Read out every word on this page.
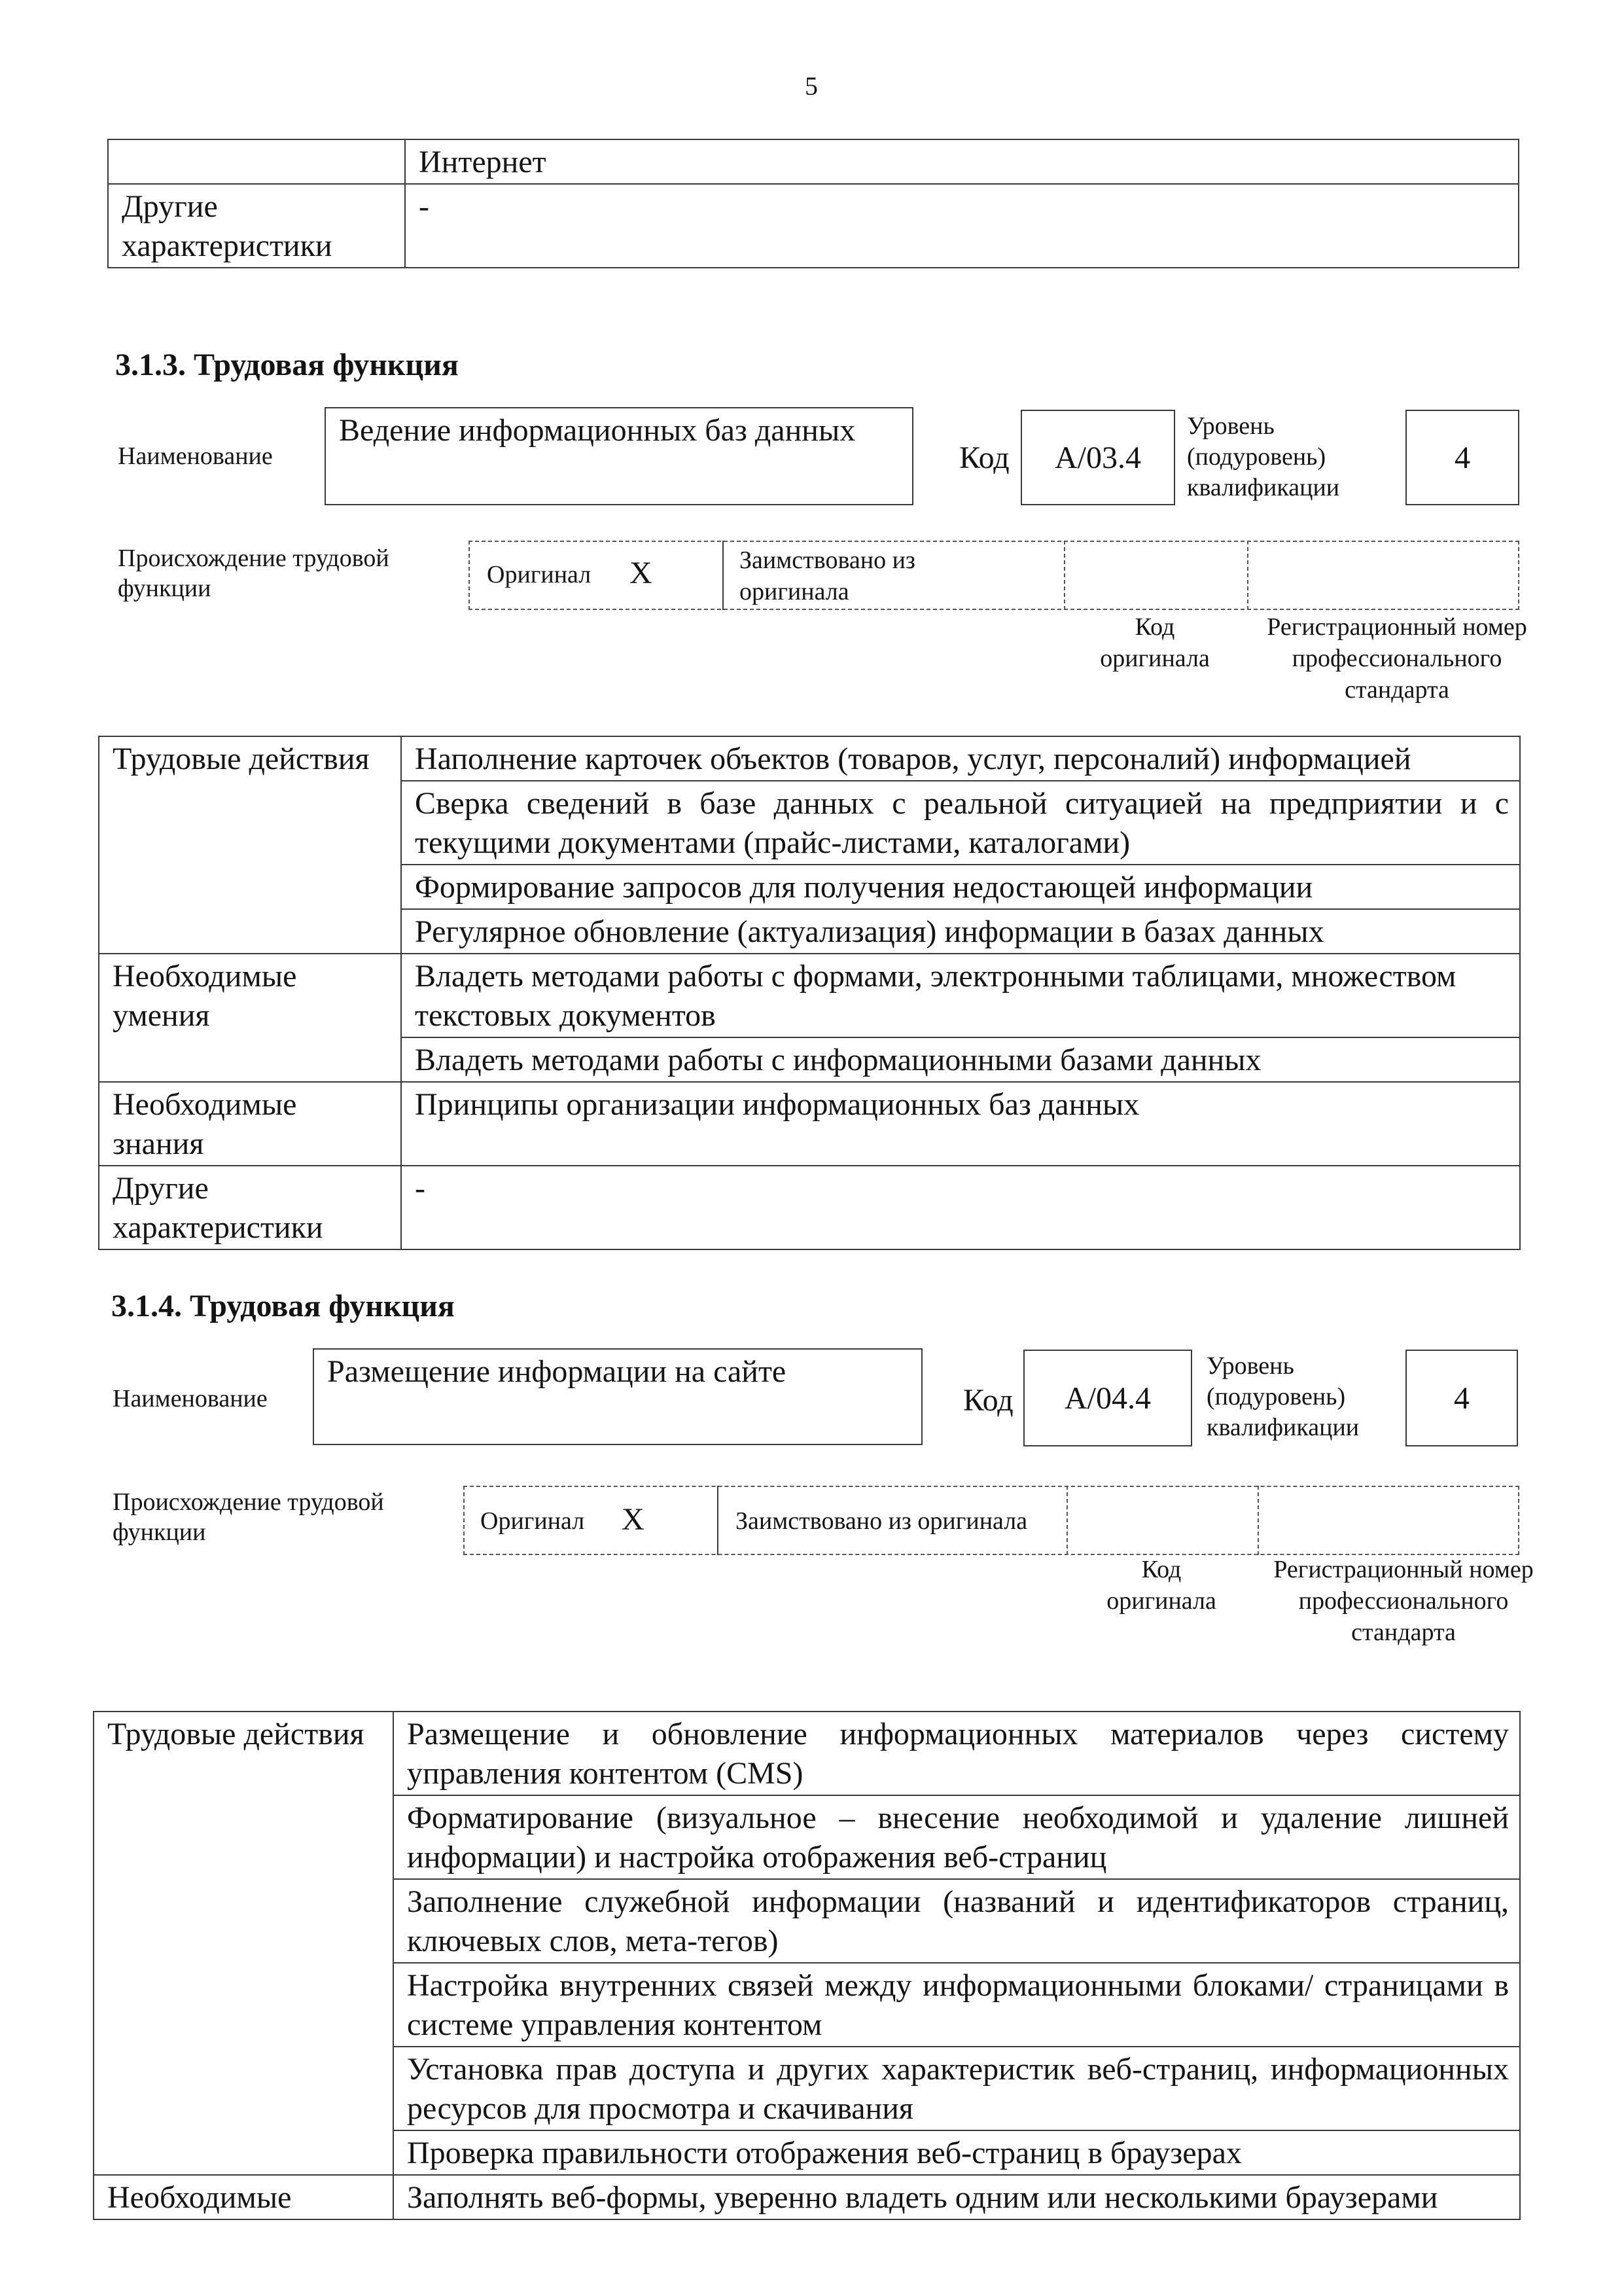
5
	Интернет
Другие характеристики	-
3.1.3. Трудовая функция
Наименование
Ведение информационных баз данных
Код	A/03.4
Уровень
(подуровень)
квалификации
4
Происхождение трудовой функции	Оригинал X	Заимствовано из оригинала
Код оригинала
Регистрационный номер профессионального стандарта
Трудовые действия	Наполнение карточек объектов (товаров, услуг, персоналий) информацией
	Сверка сведений в базе данных с реальной ситуацией на предприятии и с текущими документами (прайс-листами, каталогами)
	Формирование запросов для получения недостающей информации
	Регулярное обновление (актуализация) информации в базах данных
Необходимые умения	Владеть методами работы с формами, электронными таблицами, множеством текстовых документов
	Владеть методами работы с информационными базами данных
Необходимые знания	Принципы организации информационных баз данных
Другие характеристики	-
3.1.4. Трудовая функция
Наименование
Размещение информации на сайте
Код	A/04.4
Уровень
(подуровень)
квалификации
4
Происхождение трудовой функции	Оригинал X	Заимствовано из оригинала
Код оригинала
Регистрационный номер профессионального стандарта
Трудовые действия	Размещение и обновление информационных материалов через систему управления контентом (CMS)
	Форматирование (визуальное – внесение необходимой и удаление лишней информации) и настройка отображения веб-страниц
	Заполнение служебной информации (названий и идентификаторов страниц, ключевых слов, мета-тегов)
	Настройка внутренних связей между информационными блоками/ страницами в системе управления контентом
	Установка прав доступа и других характеристик веб-страниц, информационных ресурсов для просмотра и скачивания
	Проверка правильности отображения веб-страниц в браузерах
Необходимые	Заполнять веб-формы, уверенно владеть одним или несколькими браузерами
